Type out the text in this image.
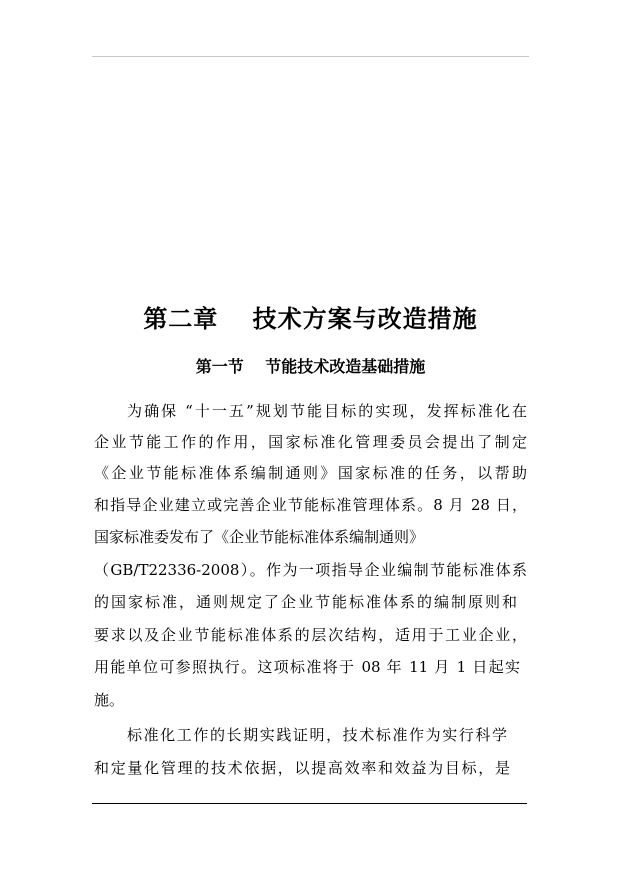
第二章　 技术方案与改造措施
第一节　 节能技术改造基础措施
为确保 “十一五”规划节能目标的实现，发挥标准化在
企业节能工作的作用，国家标准化管理委员会提出了制定
《企业节能标准体系编制通则》国家标准的任务，以帮助
和指导企业建立或完善企业节能标准管理体系。8 月 28 日，
国家标准委发布了《企业节能标准体系编制通则》
（GB/T22336-2008）。作为一项指导企业编制节能标准体系
的国家标准，通则规定了企业节能标准体系的编制原则和
要求以及企业节能标准体系的层次结构，适用于工业企业，
用能单位可参照执行。这项标准将于 08 年 11 月 1 日起实
施。
标准化工作的长期实践证明，技术标准作为实行科学
和定量化管理的技术依据，以提高效率和效益为目标，是
